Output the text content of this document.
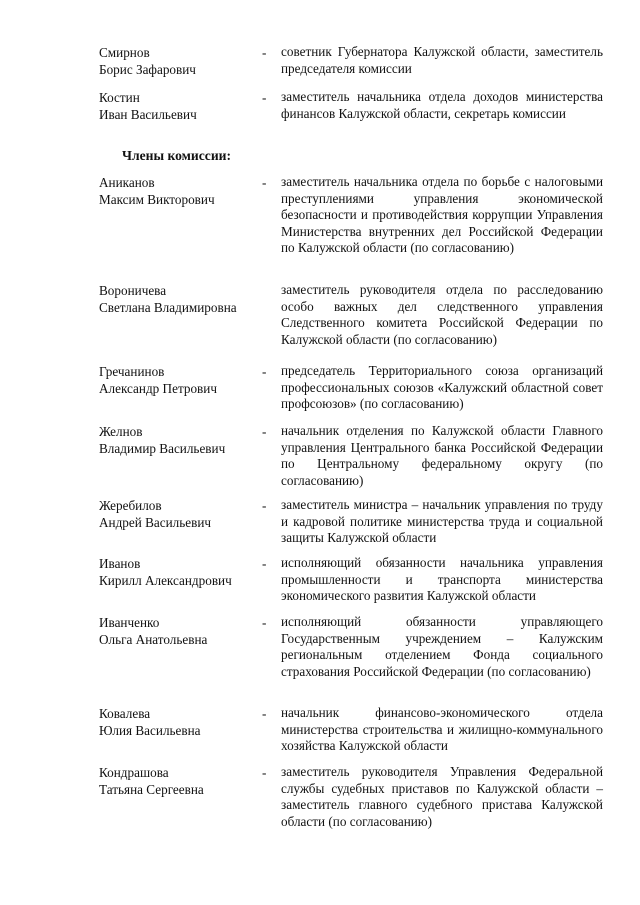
Смирнов
Борис Зафарович
- советник Губернатора Калужской области, заместитель председателя комиссии
Костин
Иван Васильевич
- заместитель начальника отдела доходов министерства финансов Калужской области, секретарь комиссии
Члены комиссии:
Аниканов
Максим Викторович
- заместитель начальника отдела по борьбе с налоговыми преступлениями управления экономической безопасности и противодействия коррупции Управления Министерства внутренних дел Российской Федерации по Калужской области (по согласованию)
Вороничева
Светлана Владимировна
заместитель руководителя отдела по расследованию особо важных дел следственного управления Следственного комитета Российской Федерации по Калужской области (по согласованию)
Гречанинов
Александр Петрович
- председатель Территориального союза организаций профессиональных союзов «Калужский областной совет профсоюзов» (по согласованию)
Желнов
Владимир Васильевич
- начальник отделения по Калужской области Главного управления Центрального банка Российской Федерации по Центральному федеральному округу (по согласованию)
Жеребилов
Андрей Васильевич
- заместитель министра – начальник управления по труду и кадровой политике министерства труда и социальной защиты Калужской области
Иванов
Кирилл Александрович
- исполняющий обязанности начальника управления промышленности и транспорта министерства экономического развития Калужской области
Иванченко
Ольга Анатольевна
- исполняющий обязанности управляющего Государственным учреждением – Калужским региональным отделением Фонда социального страхования Российской Федерации (по согласованию)
Ковалева
Юлия Васильевна
- начальник финансово-экономического отдела министерства строительства и жилищно-коммунального хозяйства Калужской области
Кондрашова
Татьяна Сергеевна
- заместитель руководителя Управления Федеральной службы судебных приставов по Калужской области – заместитель главного судебного пристава Калужской области (по согласованию)
